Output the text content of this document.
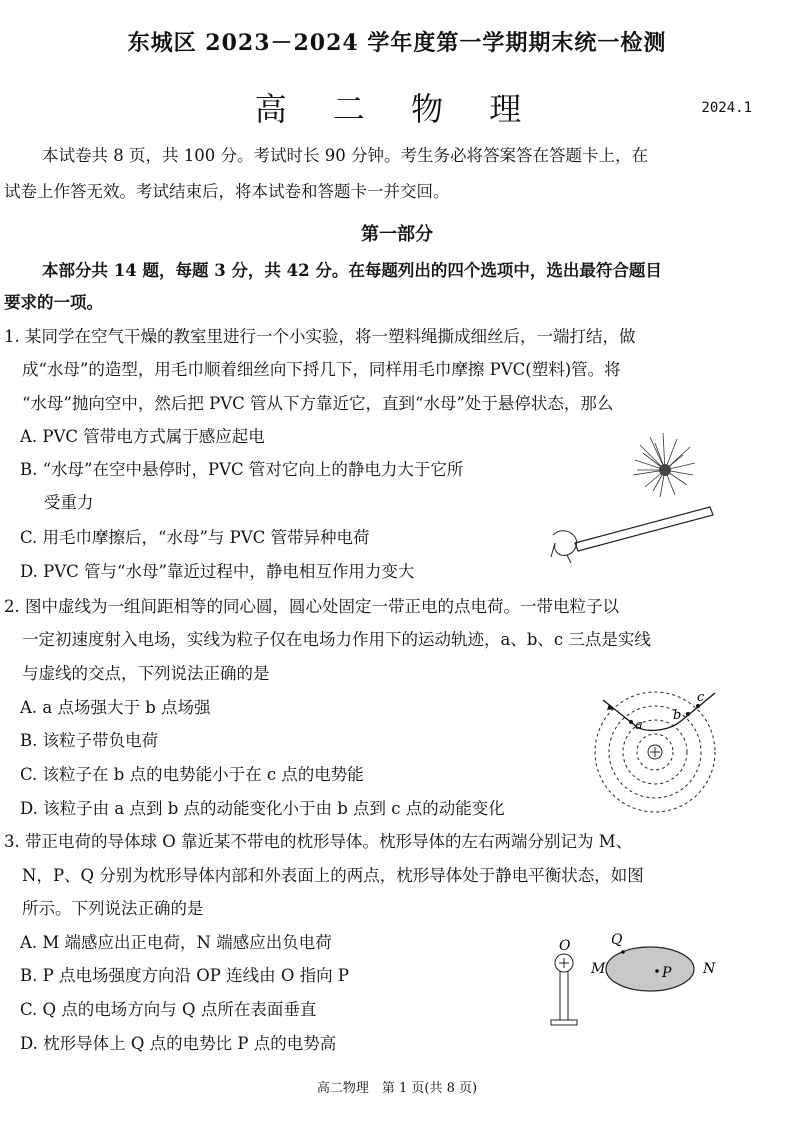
东城区 2023－2024 学年度第一学期期末统一检测
高 二 物 理	2024.1
本试卷共 8 页，共 100 分。考试时长 90 分钟。考生务必将答案答在答题卡上，在
试卷上作答无效。考试结束后，将本试卷和答题卡一并交回。
第一部分
本部分共 14 题，每题 3 分，共 42 分。在每题列出的四个选项中，选出最符合题目
要求的一项。
1. 某同学在空气干燥的教室里进行一个小实验，将一塑料绳撕成细丝后，一端打结，做
成“水母”的造型，用毛巾顺着细丝向下捋几下，同样用毛巾摩擦 PVC(塑料)管。将
“水母”抛向空中，然后把 PVC 管从下方靠近它，直到“水母”处于悬停状态，那么
A. PVC 管带电方式属于感应起电
B. “水母”在空中悬停时，PVC 管对它向上的静电力大于它所
受重力
C. 用毛巾摩擦后，“水母”与 PVC 管带异种电荷
D. PVC 管与“水母”靠近过程中，静电相互作用力变大
2. 图中虚线为一组间距相等的同心圆，圆心处固定一带正电的点电荷。一带电粒子以
一定初速度射入电场，实线为粒子仅在电场力作用下的运动轨迹，a、b、c 三点是实线
与虚线的交点，下列说法正确的是
A. a 点场强大于 b 点场强
B. 该粒子带负电荷
C. 该粒子在 b 点的电势能小于在 c 点的电势能
D. 该粒子由 a 点到 b 点的动能变化小于由 b 点到 c 点的动能变化
a
b
c
3. 带正电荷的导体球 O 靠近某不带电的枕形导体。枕形导体的左右两端分别记为 M、
N，P、Q 分别为枕形导体内部和外表面上的两点，枕形导体处于静电平衡状态，如图
所示。下列说法正确的是
A. M 端感应出正电荷，N 端感应出负电荷
B. P 点电场强度方向沿 OP 连线由 O 指向 P
C. Q 点的电场方向与 Q 点所在表面垂直
D. 枕形导体上 Q 点的电势比 P 点的电势高
O	Q
M	N
P
高二物理　第 1 页(共 8 页)
